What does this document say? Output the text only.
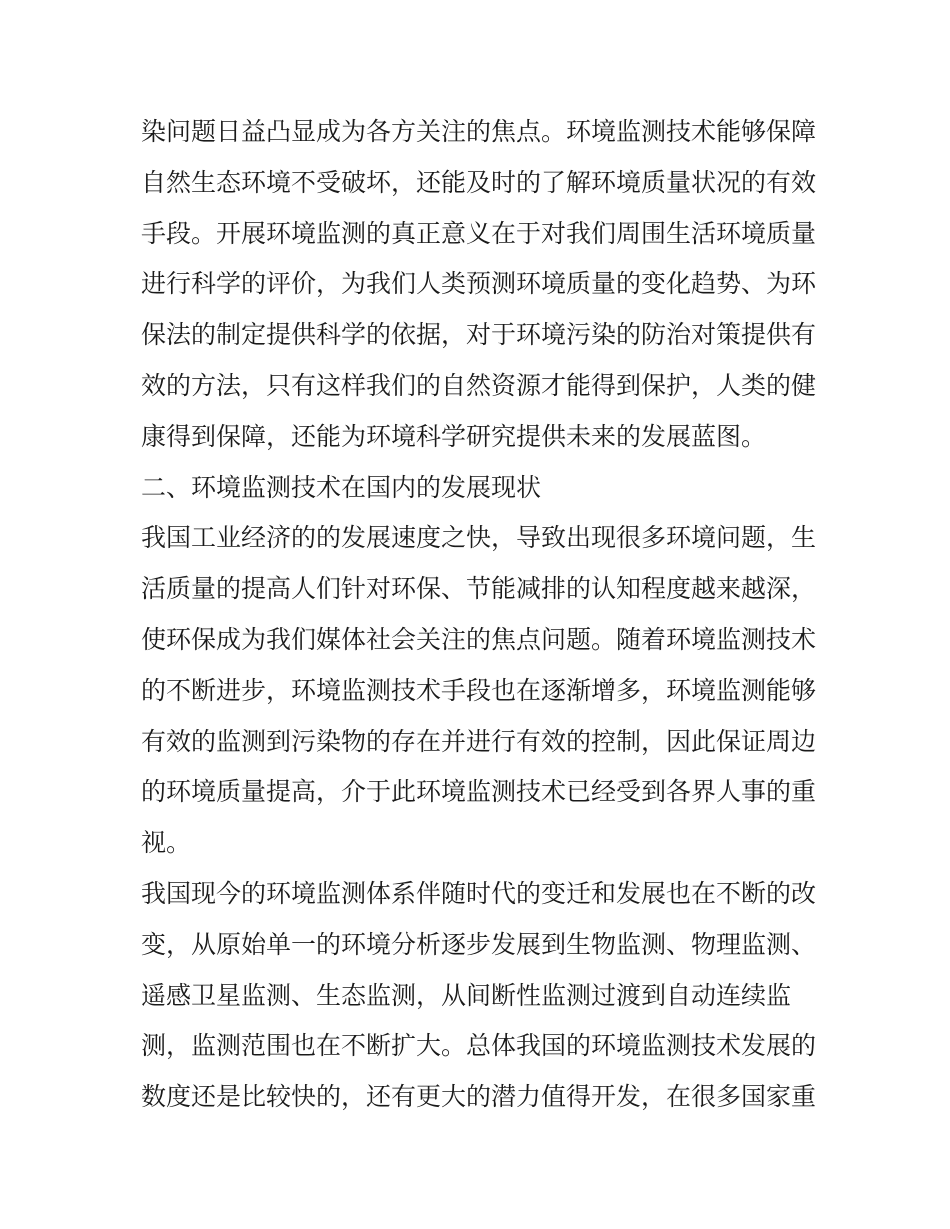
染问题日益凸显成为各方关注的焦点。环境监测技术能够保障
自然生态环境不受破坏，还能及时的了解环境质量状况的有效
手段。开展环境监测的真正意义在于对我们周围生活环境质量
进行科学的评价，为我们人类预测环境质量的变化趋势、为环
保法的制定提供科学的依据，对于环境污染的防治对策提供有
效的方法，只有这样我们的自然资源才能得到保护，人类的健
康得到保障，还能为环境科学研究提供未来的发展蓝图。
二、环境监测技术在国内的发展现状
我国工业经济的的发展速度之快，导致出现很多环境问题，生
活质量的提高人们针对环保、节能减排的认知程度越来越深，
使环保成为我们媒体社会关注的焦点问题。随着环境监测技术
的不断进步，环境监测技术手段也在逐渐增多，环境监测能够
有效的监测到污染物的存在并进行有效的控制，因此保证周边
的环境质量提高，介于此环境监测技术已经受到各界人事的重
视。
我国现今的环境监测体系伴随时代的变迁和发展也在不断的改
变，从原始单一的环境分析逐步发展到生物监测、物理监测、
遥感卫星监测、生态监测，从间断性监测过渡到自动连续监
测，监测范围也在不断扩大。总体我国的环境监测技术发展的
数度还是比较快的，还有更大的潜力值得开发，在很多国家重
